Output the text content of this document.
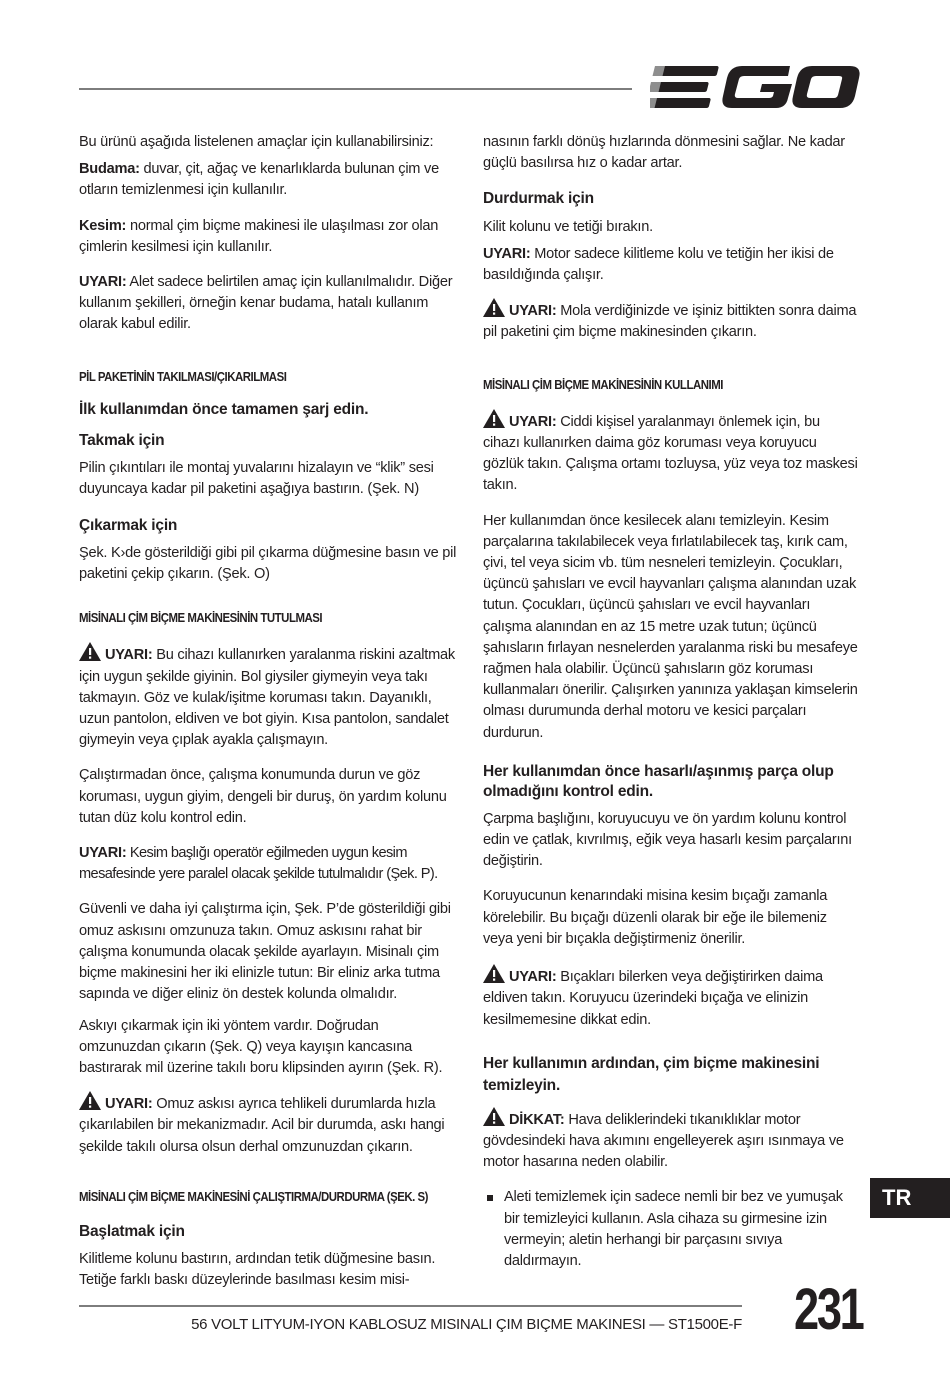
Bu ürünü aşağıda listelenen amaçlar için kullanabilirsiniz:

Budama: duvar, çit, ağaç ve kenarlıklarda bulunan çim ve otların temizlenmesi için kullanılır.

Kesim: normal çim biçme makinesi ile ulaşılması zor olan çimlerin kesilmesi için kullanılır.

UYARI: Alet sadece belirtilen amaç için kullanılmalıdır. Diğer kullanım şekilleri, örneğin kenar budama, hatalı kullanım olarak kabul edilir.

PİL PAKETİNİN TAKILMASI/ÇIKARILMASI

İlk kullanımdan önce tamamen şarj edin.

Takmak için

Pilin çıkıntıları ile montaj yuvalarını hizalayın ve “klik” sesi duyuncaya kadar pil paketini aşağıya bastırın. (Şek. N)

Çıkarmak için

Şek. K›de gösterildiği gibi pil çıkarma düğmesine basın ve pil paketini çekip çıkarın. (Şek. O)

MİSİNALI ÇİM BİÇME MAKİNESİNİN TUTULMASI

UYARI: Bu cihazı kullanırken yaralanma riskini azaltmak için uygun şekilde giyinin. Bol giysiler giymeyin veya takı takmayın. Göz ve kulak/işitme koruması takın. Dayanıklı, uzun pantolon, eldiven ve bot giyin. Kısa pantolon, sandalet giymeyin veya çıplak ayakla çalışmayın.

Çalıştırmadan önce, çalışma konumunda durun ve göz koruması, uygun giyim, dengeli bir duruş, ön yardım kolunu tutan düz kolu kontrol edin.

UYARI: Kesim başlığı operatör eğilmeden uygun kesim mesafesinde yere paralel olacak şekilde tutulmalıdır (Şek. P).

Güvenli ve daha iyi çalıştırma için, Şek. P’de gösterildiği gibi omuz askısını omzunuza takın. Omuz askısını rahat bir çalışma konumunda olacak şekilde ayarlayın. Misinalı çim biçme makinesini her iki elinizle tutun: Bir eliniz arka tutma sapında ve diğer eliniz ön destek kolunda olmalıdır.

Askıyı çıkarmak için iki yöntem vardır. Doğrudan omzunuzdan çıkarın (Şek. Q) veya kayışın kancasına bastırarak mil üzerine takılı boru klipsinden ayırın (Şek. R).

UYARI: Omuz askısı ayrıca tehlikeli durumlarda hızla çıkarılabilen bir mekanizmadır. Acil bir durumda, askı hangi şekilde takılı olursa olsun derhal omzunuzdan çıkarın.

MİSİNALI ÇİM BİÇME MAKİNESİNİ ÇALIŞTIRMA/DURDURMA (ŞEK. S)

Başlatmak için

Kilitleme kolunu bastırın, ardından tetik düğmesine basın. Tetiğe farklı baskı düzeylerinde basılması kesim misi-

nasının farklı dönüş hızlarında dönmesini sağlar. Ne kadar güçlü basılırsa hız o kadar artar.

Durdurmak için

Kilit kolunu ve tetiği bırakın.

UYARI: Motor sadece kilitleme kolu ve tetiğin her ikisi de basıldığında çalışır.

UYARI: Mola verdiğinizde ve işiniz bittikten sonra daima pil paketini çim biçme makinesinden çıkarın.

MİSİNALI ÇİM BİÇME MAKİNESİNİN KULLANIMI

UYARI: Ciddi kişisel yaralanmayı önlemek için, bu cihazı kullanırken daima göz koruması veya koruyucu gözlük takın. Çalışma ortamı tozluysa, yüz veya toz maskesi takın.

Her kullanımdan önce kesilecek alanı temizleyin. Kesim parçalarına takılabilecek veya fırlatılabilecek taş, kırık cam, çivi, tel veya sicim vb. tüm nesneleri temizleyin. Çocukları, üçüncü şahısları ve evcil hayvanları çalışma alanından uzak tutun. Çocukları, üçüncü şahısları ve evcil hayvanları çalışma alanından en az 15 metre uzak tutun; üçüncü şahısların fırlayan nesnelerden yaralanma riski bu mesafeye rağmen hala olabilir. Üçüncü şahısların göz koruması kullanmaları önerilir. Çalışırken yanınıza yaklaşan kimselerin olması durumunda derhal motoru ve kesici parçaları durdurun.

Her kullanımdan önce hasarlı/aşınmış parça olup olmadığını kontrol edin.

Çarpma başlığını, koruyucuyu ve ön yardım kolunu kontrol edin ve çatlak, kıvrılmış, eğik veya hasarlı kesim parçalarını değiştirin.

Koruyucunun kenarındaki misina kesim bıçağı zamanla körelebilir. Bu bıçağı düzenli olarak bir eğe ile bilemeniz veya yeni bir bıçakla değiştirmeniz önerilir.

UYARI: Bıçakları bilerken veya değiştirirken daima eldiven takın. Koruyucu üzerindeki bıçağa ve elinizin kesilmemesine dikkat edin.

Her kullanımın ardından, çim biçme makinesini temizleyin.

DİKKAT: Hava deliklerindeki tıkanıklıklar motor gövdesindeki hava akımını engelleyerek aşırı ısınmaya ve motor hasarına neden olabilir.

Aleti temizlemek için sadece nemli bir bez ve yumuşak bir temizleyici kullanın. Asla cihaza su girmesine izin vermeyin; aletin herhangi bir parçasını sıvıya daldırmayın.
TR
56 VOLT LITYUM-IYON KABLOSUZ MISINALI ÇIM BIÇME MAKINESI — ST1500E-F 231
